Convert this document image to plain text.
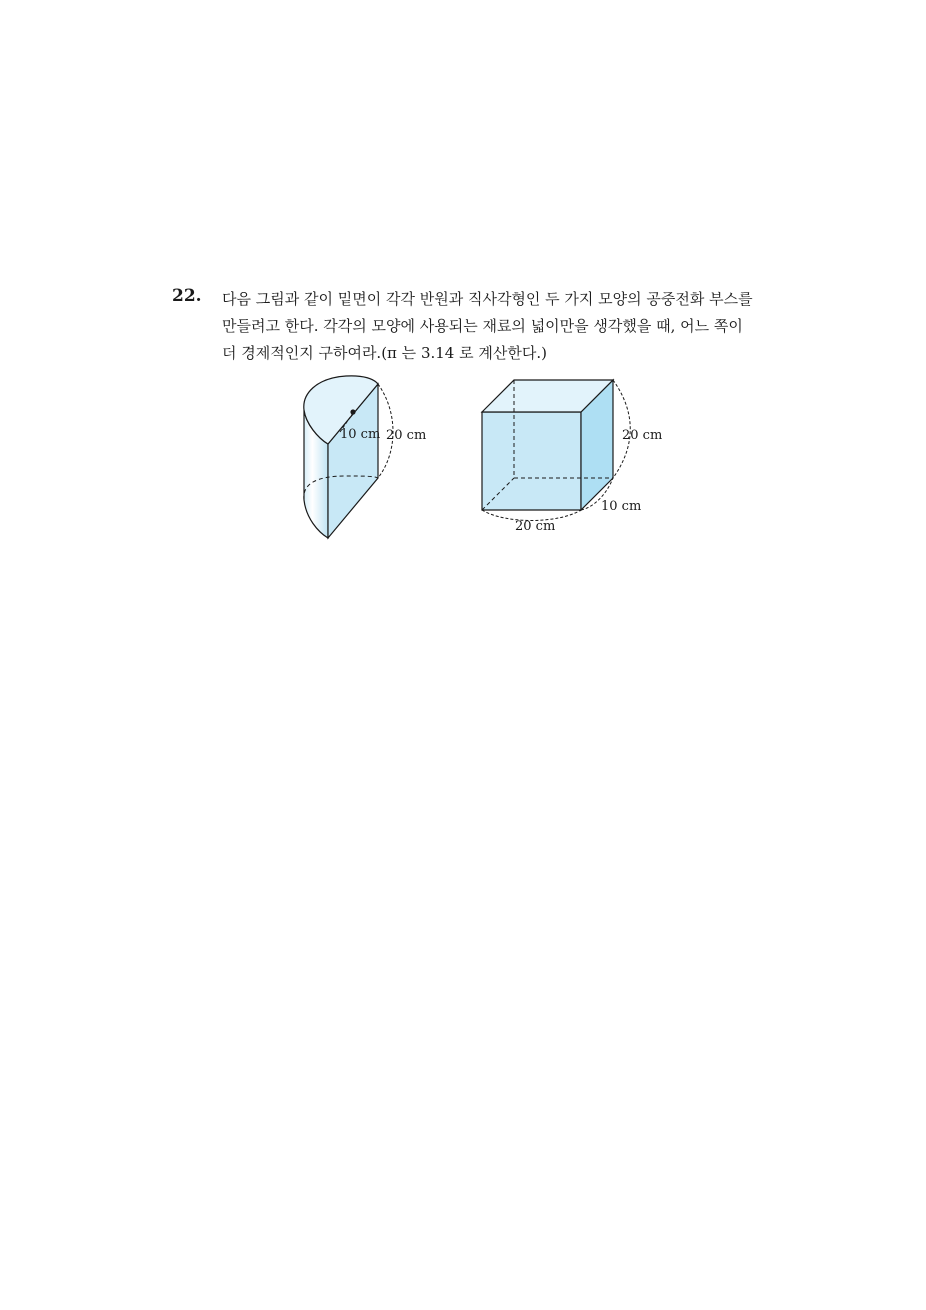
22. 다음 그림과 같이 밑면이 각각 반원과 직사각형인 두 가지 모양의 공중전화 부스를
만들려고 한다. 각각의 모양에 사용되는 재료의 넓이만을 생각했을 때, 어느 쪽이
더 경제적인지 구하여라.(π 는 3.14 로 계산한다.)
10 cm 20 cm	20 cm
10 cm
20 cm
